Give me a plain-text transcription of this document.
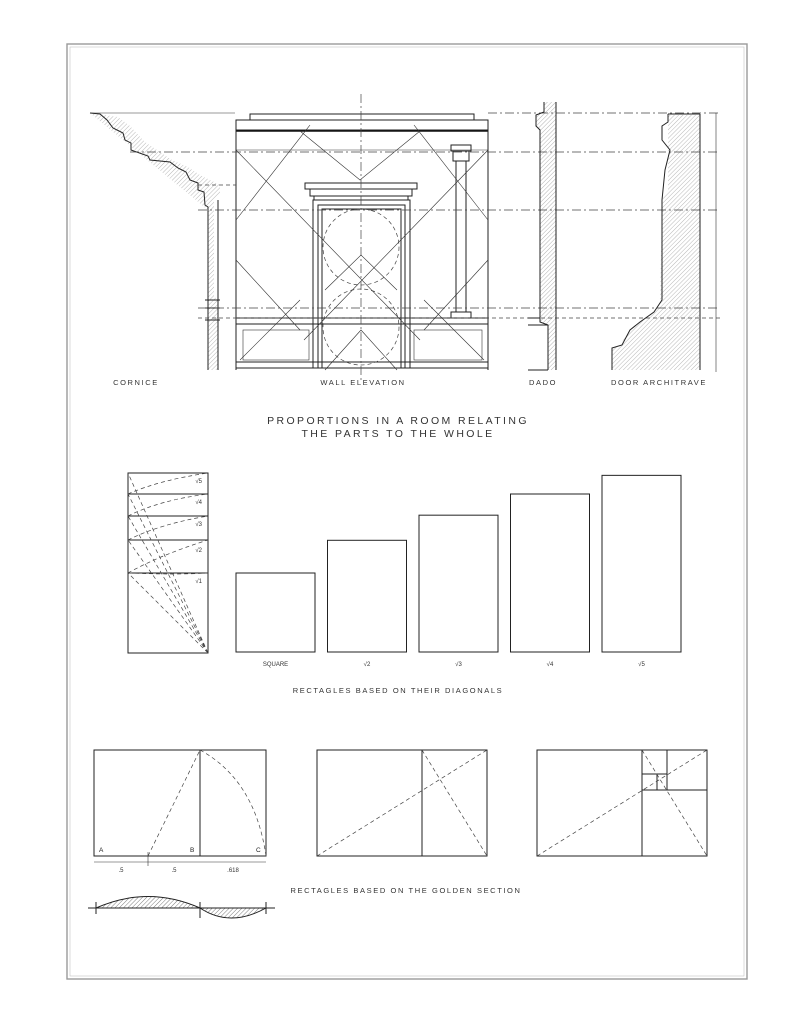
CORNICE	WALL ELEVATION	DADO	DOOR ARCHITRAVE
PROPORTIONS IN A ROOM RELATING
THE PARTS TO THE WHOLE
√5
√4
√3
√2
√1
SQUARE	√2	√3	√4	√5
RECTAGLES BASED ON THEIR DIAGONALS
A	B	C
.5	.5	.618
RECTAGLES BASED ON THE GOLDEN SECTION
